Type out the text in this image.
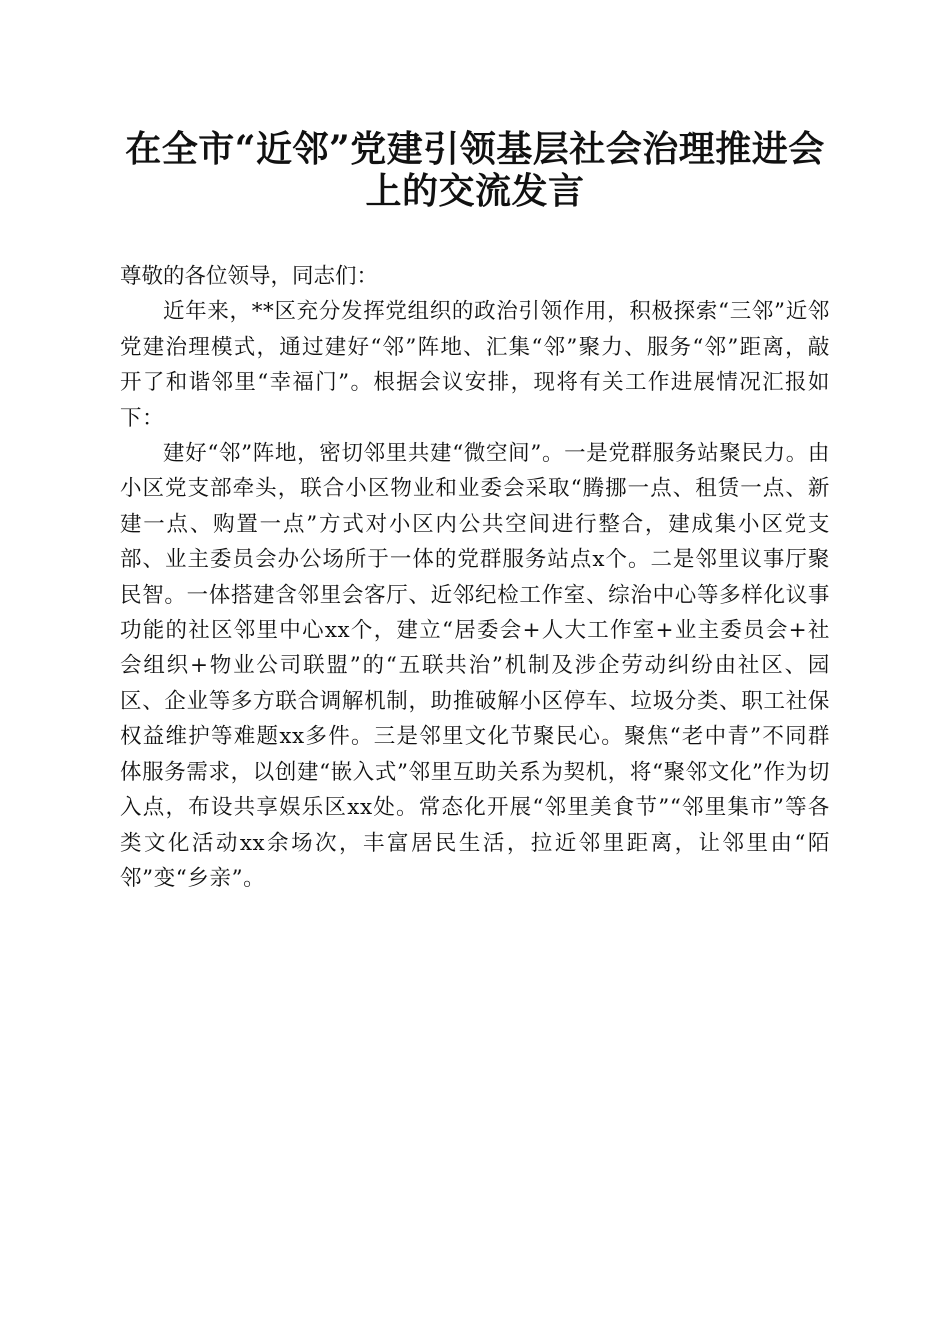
在全市“近邻”党建引领基层社会治理推进会
上的交流发言

尊敬的各位领导，同志们：

近年来，**区充分发挥党组织的政治引领作用，积极探索“三邻”近邻党建治理模式，通过建好“邻”阵地、汇集“邻”聚力、服务“邻”距离，敲开了和谐邻里“幸福门”。根据会议安排，现将有关工作进展情况汇报如下：

建好“邻”阵地，密切邻里共建“微空间”。一是党群服务站聚民力。由小区党支部牵头，联合小区物业和业委会采取“腾挪一点、租赁一点、新建一点、购置一点”方式对小区内公共空间进行整合，建成集小区党支部、业主委员会办公场所于一体的党群服务站点x个。二是邻里议事厅聚民智。一体搭建含邻里会客厅、近邻纪检工作室、综治中心等多样化议事功能的社区邻里中心xx个，建立“居委会+人大工作室+业主委员会+社会组织+物业公司联盟”的“五联共治”机制及涉企劳动纠纷由社区、园区、企业等多方联合调解机制，助推破解小区停车、垃圾分类、职工社保权益维护等难题xx多件。三是邻里文化节聚民心。聚焦“老中青”不同群体服务需求，以创建“嵌入式”邻里互助关系为契机，将“聚邻文化”作为切入点，布设共享娱乐区xx处。常态化开展“邻里美食节”“邻里集市”等各类文化活动xx余场次，丰富居民生活，拉近邻里距离，让邻里由“陌邻”变“乡亲”。
